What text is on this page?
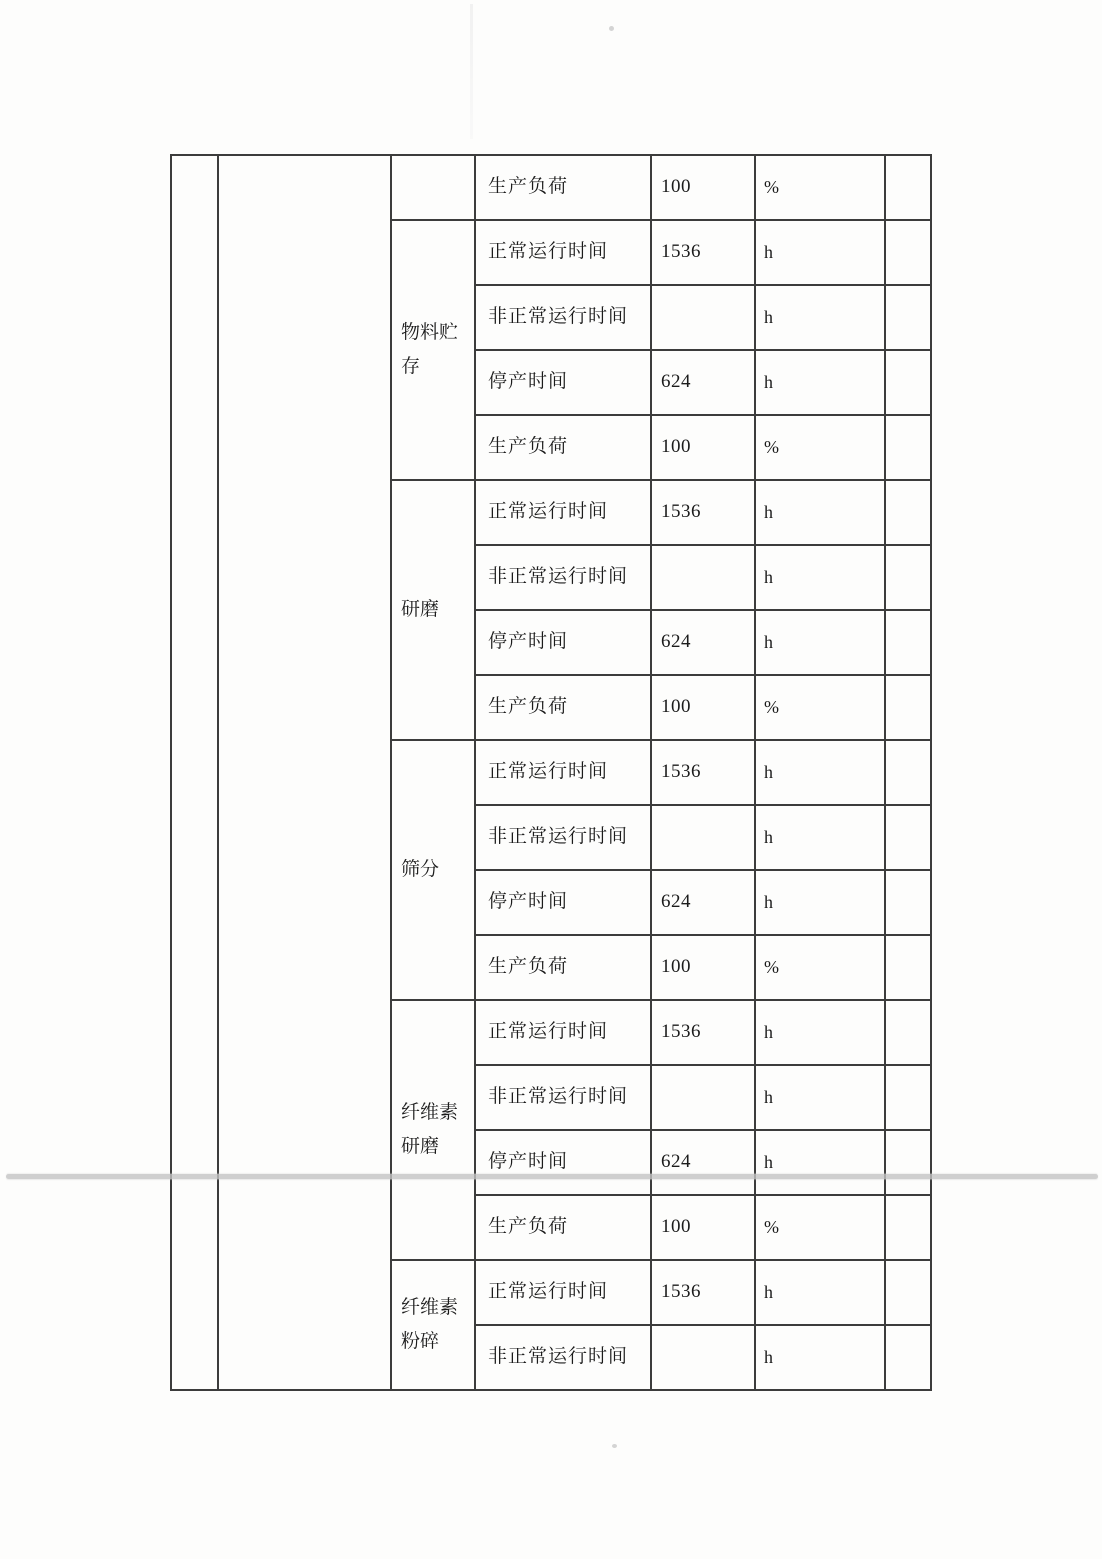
			生产负荷	100	%	
		物料贮存	正常运行时间	1536	h	
			非正常运行时间		h	
			停产时间	624	h	
			生产负荷	100	%	
		研磨	正常运行时间	1536	h	
			非正常运行时间		h	
			停产时间	624	h	
			生产负荷	100	%	
		筛分	正常运行时间	1536	h	
			非正常运行时间		h	
			停产时间	624	h	
			生产负荷	100	%	
		纤维素研磨	正常运行时间	1536	h	
			非正常运行时间		h	
			停产时间	624	h	
			生产负荷	100	%	
		纤维素粉碎	正常运行时间	1536	h	
			非正常运行时间		h	
